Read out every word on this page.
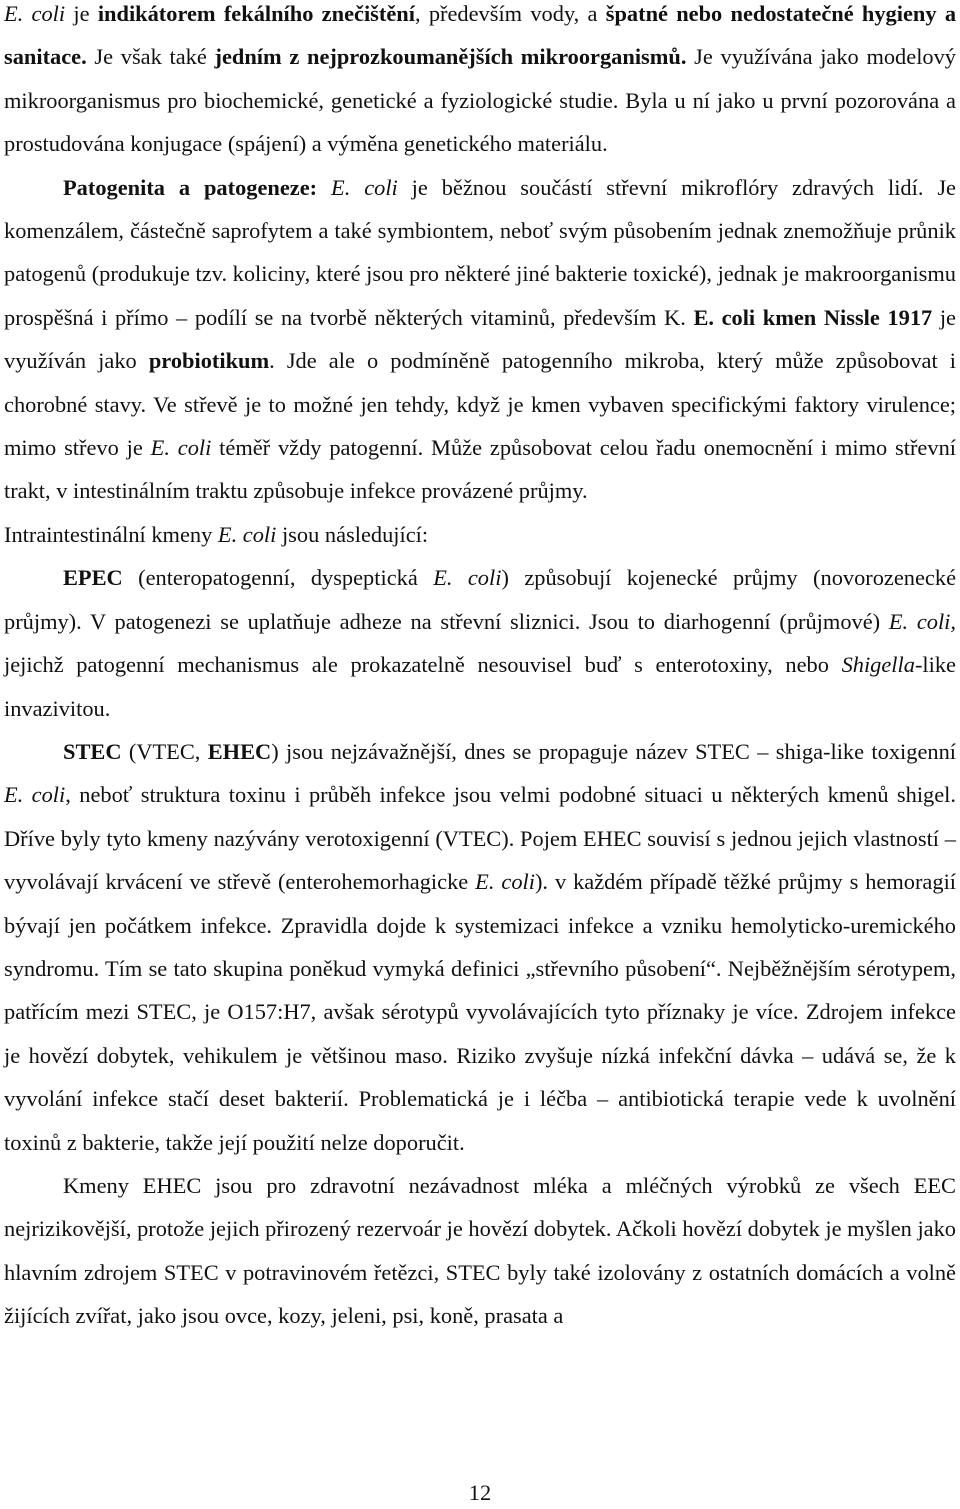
E. coli je indikátorem fekálního znečištění, především vody, a špatné nebo nedostatečné hygieny a sanitace. Je však také jedním z nejprozkoumanějších mikroorganismů. Je využívána jako modelový mikroorganismus pro biochemické, genetické a fyziologické studie. Byla u ní jako u první pozorována a prostudována konjugace (spájení) a výměna genetického materiálu.

Patogenita a patogeneze: E. coli je běžnou součástí střevní mikroflóry zdravých lidí. Je komenzálem, částečně saprofytem a také symbiontem, neboť svým působením jednak znemožňuje průnik patogenů (produkuje tzv. koliciny, které jsou pro některé jiné bakterie toxické), jednak je makroorganismu prospěšná i přímo – podílí se na tvorbě některých vitaminů, především K. E. coli kmen Nissle 1917 je využíván jako probiotikum. Jde ale o podmíněně patogenního mikroba, který může způsobovat i chorobné stavy. Ve střevě je to možné jen tehdy, když je kmen vybaven specifickými faktory virulence; mimo střevo je E. coli téměř vždy patogenní. Může způsobovat celou řadu onemocnění i mimo střevní trakt, v intestinálním traktu způsobuje infekce provázené průjmy.

Intraintestinální kmeny E. coli jsou následující:

EPEC (enteropatogenní, dyspeptická E. coli) způsobují kojenecké průjmy (novorozenecké průjmy). V patogenezi se uplatňuje adheze na střevní sliznici. Jsou to diarhogenní (průjmové) E. coli, jejichž patogenní mechanismus ale prokazatelně nesouvisel buď s enterotoxiny, nebo Shigella-like invazivitou.

STEC (VTEC, EHEC) jsou nejzávažnější, dnes se propaguje název STEC – shiga-like toxigenní E. coli, neboť struktura toxinu i průběh infekce jsou velmi podobné situaci u některých kmenů shigel. Dříve byly tyto kmeny nazývány verotoxigenní (VTEC). Pojem EHEC souvisí s jednou jejich vlastností – vyvolávají krvácení ve střevě (enterohemorhagicke E. coli). v každém případě těžké průjmy s hemoragií bývají jen počátkem infekce. Zpravidla dojde k systemizaci infekce a vzniku hemolyticko-uremického syndromu. Tím se tato skupina poněkud vymyká definici „střevního působení“. Nejběžnějším sérotypem, patřícím mezi STEC, je O157:H7, avšak sérotypů vyvolávajících tyto příznaky je více. Zdrojem infekce je hovězí dobytek, vehikulem je většinou maso. Riziko zvyšuje nízká infekční dávka – udává se, že k vyvolání infekce stačí deset bakterií. Problematická je i léčba – antibiotická terapie vede k uvolnění toxinů z bakterie, takže její použití nelze doporučit.

Kmeny EHEC jsou pro zdravotní nezávadnost mléka a mléčných výrobků ze všech EEC nejrizikovější, protože jejich přirozený rezervoár je hovězí dobytek. Ačkoli hovězí dobytek je myšlen jako hlavním zdrojem STEC v potravinovém řetězci, STEC byly také izolovány z ostatních domácích a volně žijících zvířat, jako jsou ovce, kozy, jeleni, psi, koně, prasata a

12
